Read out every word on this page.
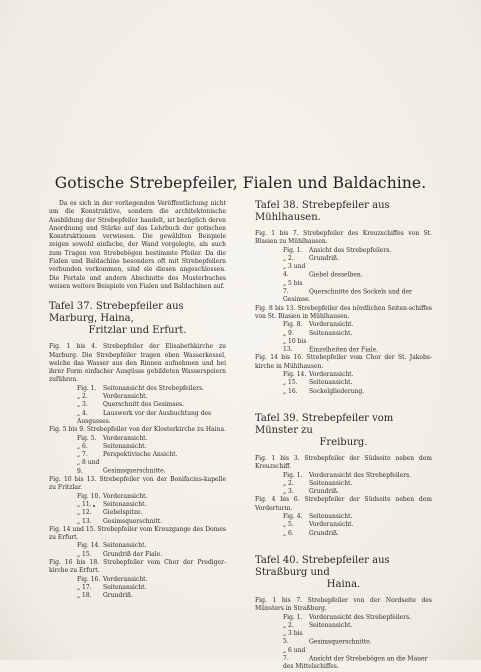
Gotische Strebepfeiler, Fialen und Baldachine.

Da es sich in der vorliegenden Veröffentlichung nicht um die Konstruktive, sondern die architektonische Ausbildung der Strebepfeiler handelt, ist bezüglich deren Anordnung und Stärke auf das Lehrbuch der gotischen Konstruktionen verwiesen. Die gewählten Beispiele zeigen sowohl einfache, der Wand vorgelegte, als auch zum Tragen von Strebebögen bestimmte Pfeiler. Da die Fialen und Baldachine besonders oft mit Strebepfeilern verbunden vorkommen, sind sie diesen angeschlossen. Die Portale und andern Abschnitte des Musterbuches weisen weitere Beispiele von Fialen und Baldachinen auf.

Tafel 37. Strebepfeiler aus Marburg, Haina,
Fritzlar und Erfurt.

Fig. 1 bis 4. Strebepfeiler der Elisabethkirche zu Marburg. Die Strebepfeiler tragen oben Wasserkessel, welche das Wasser aus den Rinnen aufnehmen und bei ihrer Form einfacher Ausgüsse gebildeten Wasserspeiern zuführen.

Fig. 1. Seitenansicht des Strebepfeilers.
„ 2.	Vorderansicht.
„ 3.	Querschnitt des Gesimses.
„ 4.	Lauswerk vor der Ausbuchtung des Ausgusses.

Fig. 5 bis 9. Strebepfeiler von der Klosterkirche zu Haina.

Fig. 5. Vorderansicht.
„ 6.	Seitenansicht.
„ 7.	Perspektivische Ansicht.
„ 8 und 9.	Gesimsquerschnitte.

Fig. 10 bis 13. Strebepfeiler von der Bonifacius-kapelle zu Fritzlar.

Fig. 10. Vorderansicht.
„ 11. Seitenansicht.
„ 12. Giebelspitze.
„ 13. Gesimsquerschnitt.

Fig. 14 und 15. Strebepfeiler vom Kreuzgange des Domes zu Erfurt.

Fig. 14. Seitenansicht.
„ 15. Grundriß der Fiale.

Fig. 16 bis 18. Strebepfeiler vom Chor der Prediger-kirche zu Erfurt.

Fig. 16. Vorderansicht.
„ 17. Seitenansicht.
„ 18. Grundriß.
Tafel 38. Strebepfeiler aus Mühlhausen.

Fig. 1 bis 7. Strebepfeiler des Kreuzschiffes von St. Blasien zu Mühlhausen.

Fig. 1. Ansicht des Strebepfeilers.
„ 2.	Grundriß.
„ 3 und 4.	Giebel desselben.
„ 5 bis 7.	Querschnitte des Sockels und der Gesimse.

Fig. 8 bis 13. Strebepfeiler des nördlichen Seiten-schiffes von St. Blasien in Mühlhausen.

Fig. 8. Vorderansicht.
„ 9.	Seitenansicht.
„ 10 bis 13.	Einzelheiten der Fiale.

Fig. 14 bis 16. Strebepfeiler vom Chor der St. Jakobs-kirche in Mühlhausen.

Fig. 14. Vorderansicht.
„ 15. Seitenansicht.
„ 16. Sockelgliederung.
Tafel 39. Strebepfeiler vom Münster zu
Freiburg.

Fig. 1 bis 3. Strebepfeiler der Südseite neben dem Kreuzschiff.

Fig. 1. Vorderansicht des Strebepfeilers.
„ 2.	Seitenansicht.
„ 3.	Grundriß.

Fig. 4 bis 6. Strebepfeiler der Südseite neben dem Vorderturm.

Fig. 4. Seitenansicht.
„ 5.	Vorderansicht.
„ 6.	Grundriß.
Tafel 40. Strebepfeiler aus Straßburg und
Haina.

Fig. 1 bis 7. Strebepfeiler von der Nordseite des Münsters in Straßburg.

Fig. 1. Vorderansicht des Strebepfeilers.
„ 2.	Seitenansicht.
„ 3 bis 5.	Gesimsquerschnitte.
„ 6 und 7.	Ansicht der Strebebögen an die Mauer des Mittelschiffes.
